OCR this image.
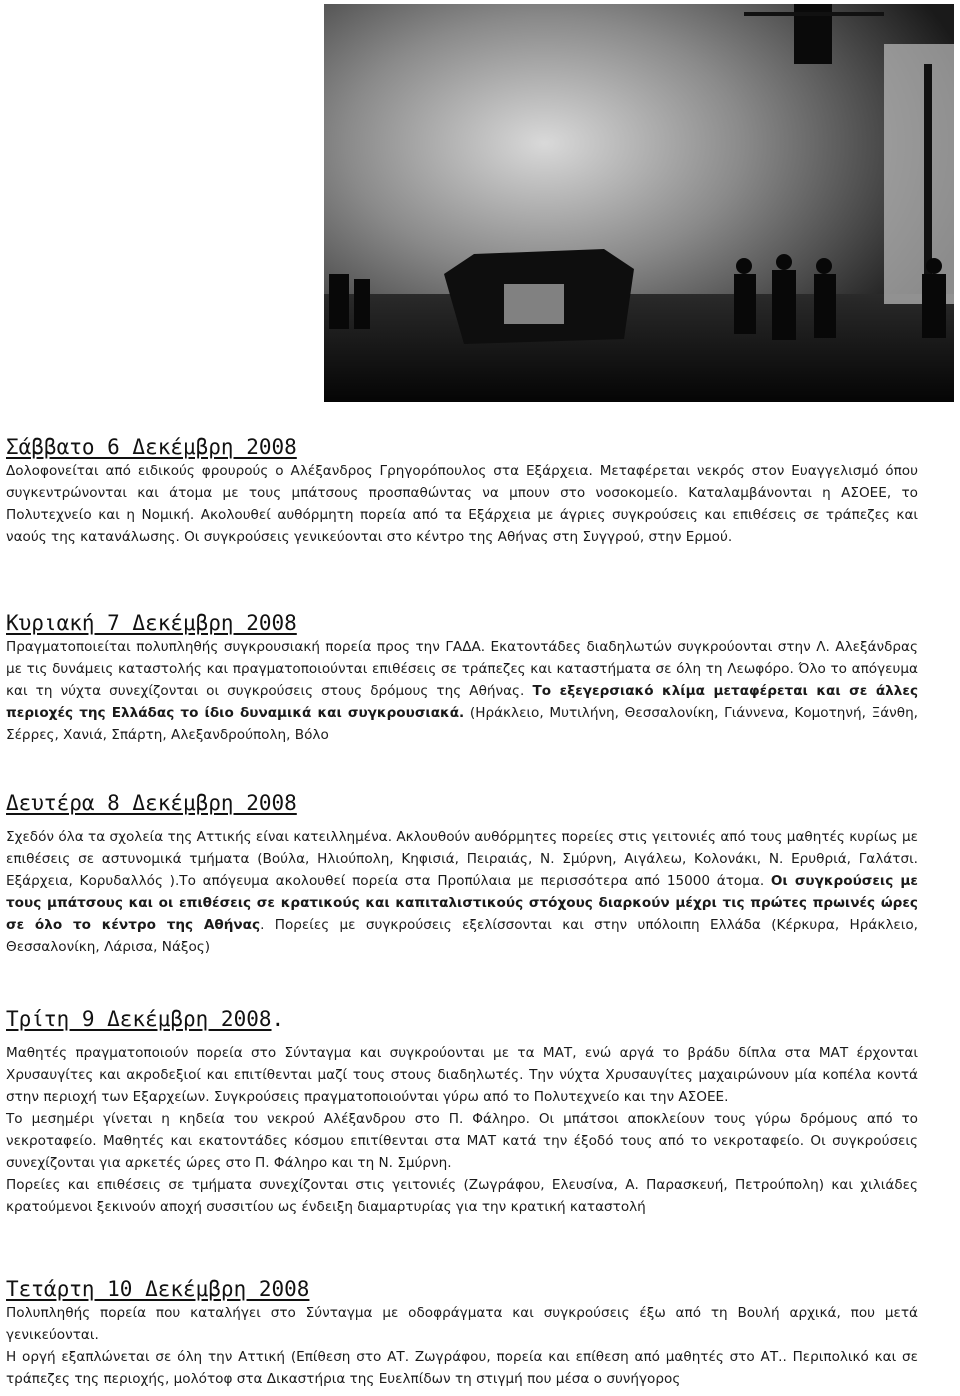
Σάββατο 6 Δεκέμβρη 2008

Δολοφονείται από ειδικούς φρουρούς ο Αλέξανδρος Γρηγορόπουλος στα Εξάρχεια. Μεταφέρεται νεκρός στον Ευαγγελισμό όπου συγκεντρώνονται και άτομα με τους μπάτσους προσπαθώντας να μπουν στο νοσοκομείο. Καταλαμβάνονται η ΑΣΟΕΕ, το Πολυτεχνείο και η Νομική. Ακολουθεί αυθόρμητη πορεία από τα Εξάρχεια με άγριες συγκρούσεις και επιθέσεις σε τράπεζες και ναούς της κατανάλωσης. Οι συγκρούσεις γενικεύονται στο κέντρο της Αθήνας στη Συγγρού, στην Ερμού.

Κυριακή 7 Δεκέμβρη 2008

Πραγματοποιείται πολυπληθής συγκρουσιακή πορεία προς την ΓΑΔΑ. Εκατοντάδες διαδηλωτών συγκρούονται στην Λ. Αλεξάνδρας με τις δυνάμεις καταστολής και πραγματοποιούνται επιθέσεις σε τράπεζες και καταστήματα σε όλη τη Λεωφόρο. Όλο το απόγευμα και τη νύχτα συνεχίζονται οι συγκρούσεις στους δρόμους της Αθήνας. Το εξεγερσιακό κλίμα μεταφέρεται και σε άλλες περιοχές της Ελλάδας το ίδιο δυναμικά και συγκρουσιακά. (Ηράκλειο, Μυτιλήνη, Θεσσαλονίκη, Γιάννενα, Κομοτηνή, Ξάνθη, Σέρρες, Χανιά, Σπάρτη, Αλεξανδρούπολη, Βόλο

Δευτέρα 8 Δεκέμβρη 2008

Σχεδόν όλα τα σχολεία της Αττικής είναι κατειλλημένα. Ακλουθούν αυθόρμητες πορείες στις γειτονιές από τους μαθητές κυρίως με επιθέσεις σε αστυνομικά τμήματα (Βούλα, Ηλιούπολη, Κηφισιά, Πειραιάς, Ν. Σμύρνη, Αιγάλεω, Κολονάκι, Ν. Ερυθριά, Γαλάτσι. Εξάρχεια, Κορυδαλλός ).Το απόγευμα ακολουθεί πορεία στα Προπύλαια με περισσότερα από 15000 άτομα. Οι συγκρούσεις με τους μπάτσους και οι επιθέσεις σε κρατικούς και καπιταλιστικούς στόχους διαρκούν μέχρι τις πρώτες πρωινές ώρες σε όλο το κέντρο της Αθήνας. Πορείες με συγκρούσεις εξελίσσονται και στην υπόλοιπη Ελλάδα (Κέρκυρα, Ηράκλειο, Θεσσαλονίκη, Λάρισα, Νάξος)

Τρίτη 9 Δεκέμβρη 2008.

Μαθητές πραγματοποιούν πορεία στο Σύνταγμα και συγκρούονται με τα ΜΑΤ, ενώ αργά το βράδυ δίπλα στα ΜΑΤ έρχονται Χρυσαυγίτες και ακροδεξιοί και επιτίθενται μαζί τους στους διαδηλωτές. Την νύχτα Χρυσαυγίτες μαχαιρώνουν μία κοπέλα κοντά στην περιοχή των Εξαρχείων. Συγκρούσεις πραγματοποιούνται γύρω από το Πολυτεχνείο και την ΑΣΟΕΕ.

Το μεσημέρι γίνεται η κηδεία του νεκρού Αλέξανδρου στο Π. Φάληρο. Οι μπάτσοι αποκλείουν τους γύρω δρόμους από το νεκροταφείο. Μαθητές και εκατοντάδες κόσμου επιτίθενται στα ΜΑΤ κατά την έξοδό τους από το νεκροταφείο. Οι συγκρούσεις συνεχίζονται για αρκετές ώρες στο Π. Φάληρο και τη Ν. Σμύρνη.

Πορείες και επιθέσεις σε τμήματα συνεχίζονται στις γειτονιές (Ζωγράφου, Ελευσίνα, Α. Παρασκευή, Πετρούπολη) και χιλιάδες κρατούμενοι ξεκινούν αποχή συσσιτίου ως ένδειξη διαμαρτυρίας για την κρατική καταστολή

Τετάρτη 10 Δεκέμβρη 2008

Πολυπληθής πορεία που καταλήγει στο Σύνταγμα με οδοφράγματα και συγκρούσεις έξω από τη Βουλή αρχικά, που μετά γενικεύονται.

Η οργή εξαπλώνεται σε όλη την Αττική (Επίθεση στο ΑΤ. Ζωγράφου, πορεία και επίθεση από μαθητές στο ΑΤ.. Περιπολικό και σε τράπεζες της περιοχής, μολότοφ στα Δικαστήρια της Ευελπίδων τη στιγμή που μέσα ο συνήγορος
